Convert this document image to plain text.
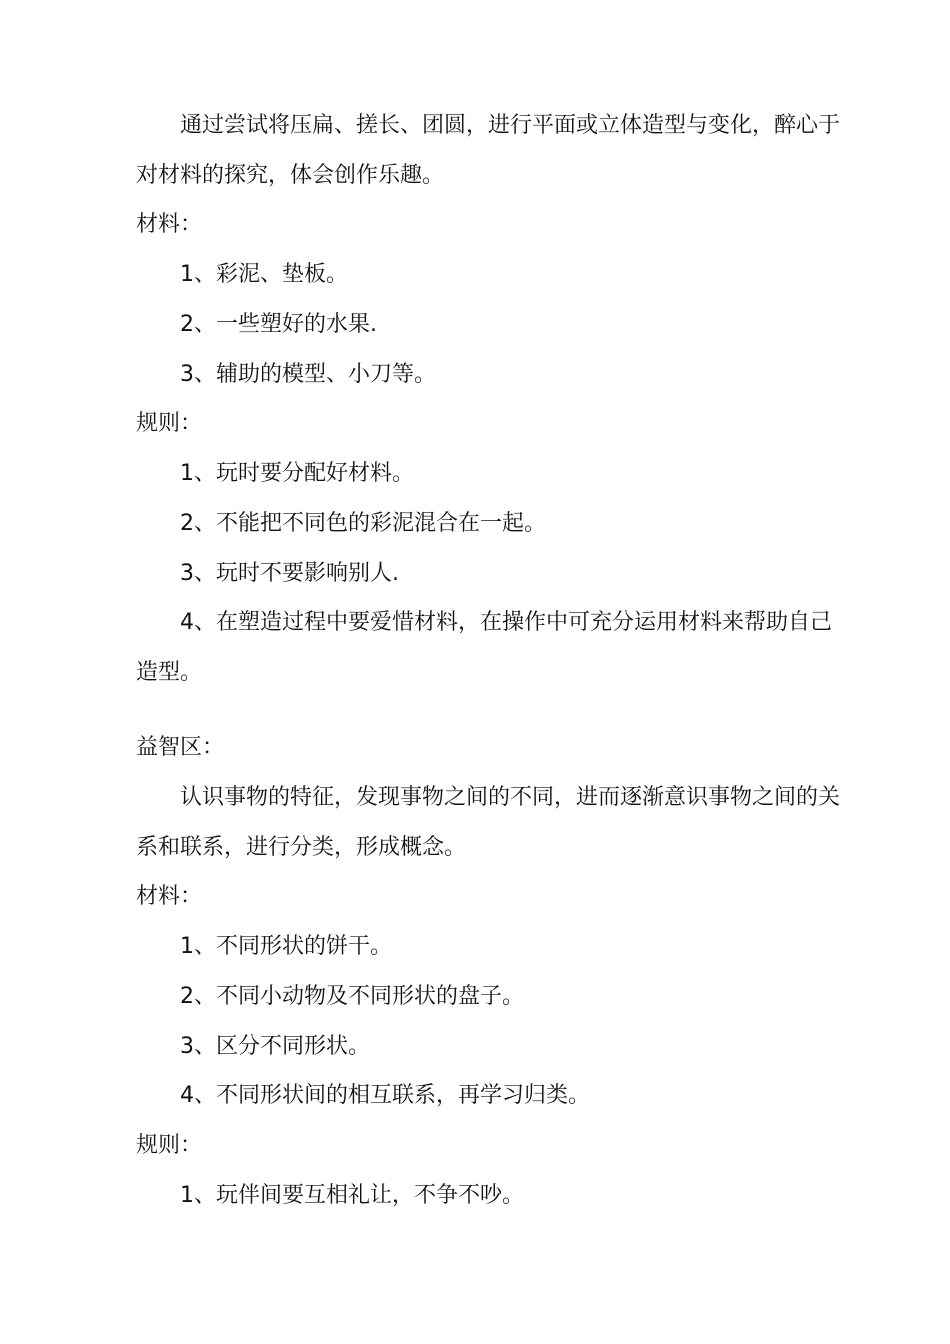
通过尝试将压扁、搓长、团圆，进行平面或立体造型与变化，醉心于
对材料的探究，体会创作乐趣。
材料：
1、彩泥、垫板。
2、一些塑好的水果.
3、辅助的模型、小刀等。
规则：
1、玩时要分配好材料。
2、不能把不同色的彩泥混合在一起。
3、玩时不要影响别人.
4、在塑造过程中要爱惜材料，在操作中可充分运用材料来帮助自己
造型。
益智区：
认识事物的特征，发现事物之间的不同，进而逐渐意识事物之间的关
系和联系，进行分类，形成概念。
材料：
1、不同形状的饼干。
2、不同小动物及不同形状的盘子。
3、区分不同形状。
4、不同形状间的相互联系，再学习归类。
规则：
1、玩伴间要互相礼让，不争不吵。
